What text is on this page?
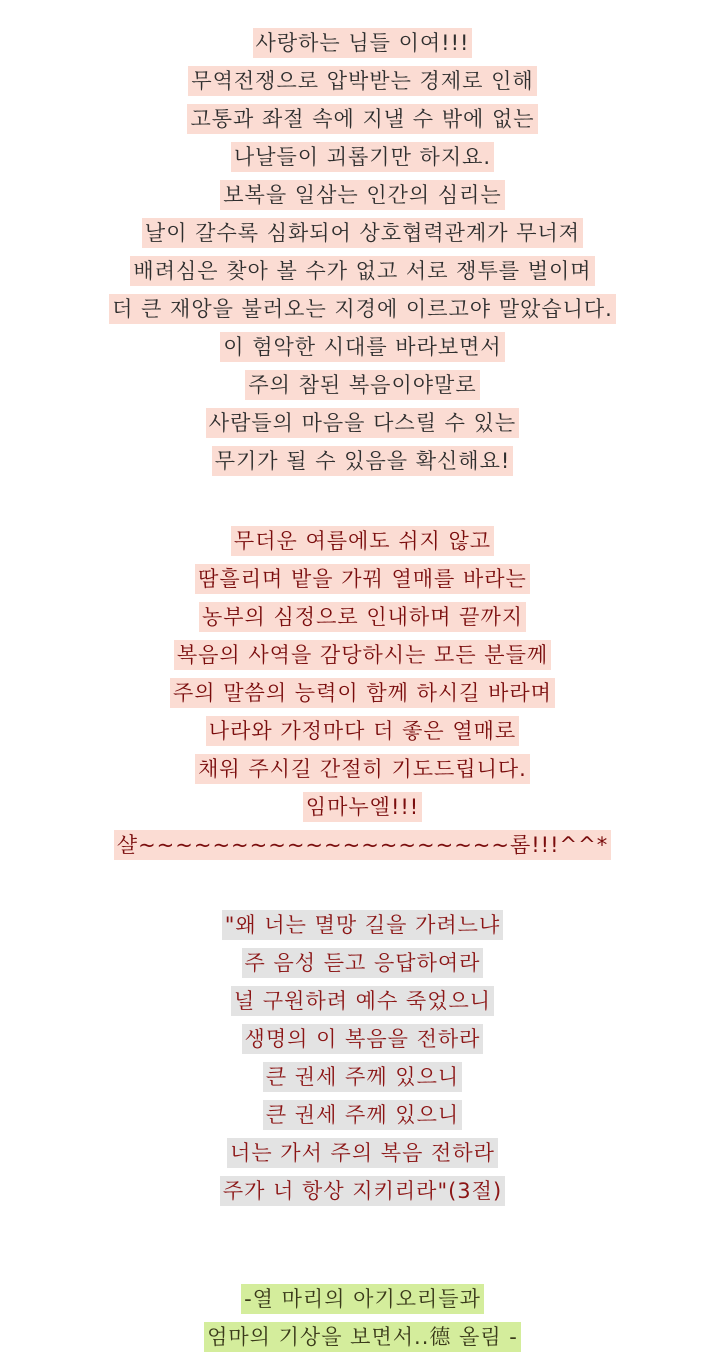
사랑하는 님들 이여!!!
무역전쟁으로 압박받는 경제로 인해
고통과 좌절 속에 지낼 수 밖에 없는
나날들이 괴롭기만 하지요.
보복을 일삼는 인간의 심리는
날이 갈수록 심화되어 상호협력관계가 무너져
배려심은 찾아 볼 수가 없고 서로 쟁투를 벌이며
더 큰 재앙을 불러오는 지경에 이르고야 말았습니다.
이 험악한 시대를 바라보면서
주의 참된 복음이야말로
사람들의 마음을 다스릴 수 있는
무기가 될 수 있음을 확신해요!
무더운 여름에도 쉬지 않고
땀흘리며 밭을 가꿔 열매를 바라는
농부의 심정으로 인내하며 끝까지
복음의 사역을 감당하시는 모든 분들께
주의 말씀의 능력이 함께 하시길 바라며
나라와 가정마다 더 좋은 열매로
채워 주시길 간절히 기도드립니다.
임마누엘!!!
샬~~~~~~~~~~~~~~~~~~~~롬!!!^^*
"왜 너는 멸망 길을 가려느냐
주 음성 듣고 응답하여라
널 구원하려 예수 죽었으니
생명의 이 복음을 전하라
큰 권세 주께 있으니
큰 권세 주께 있으니
너는 가서 주의 복음 전하라
주가 너 항상 지키리라"(3절)
-열 마리의 아기오리들과
엄마의 기상을 보면서..德 올림 -
